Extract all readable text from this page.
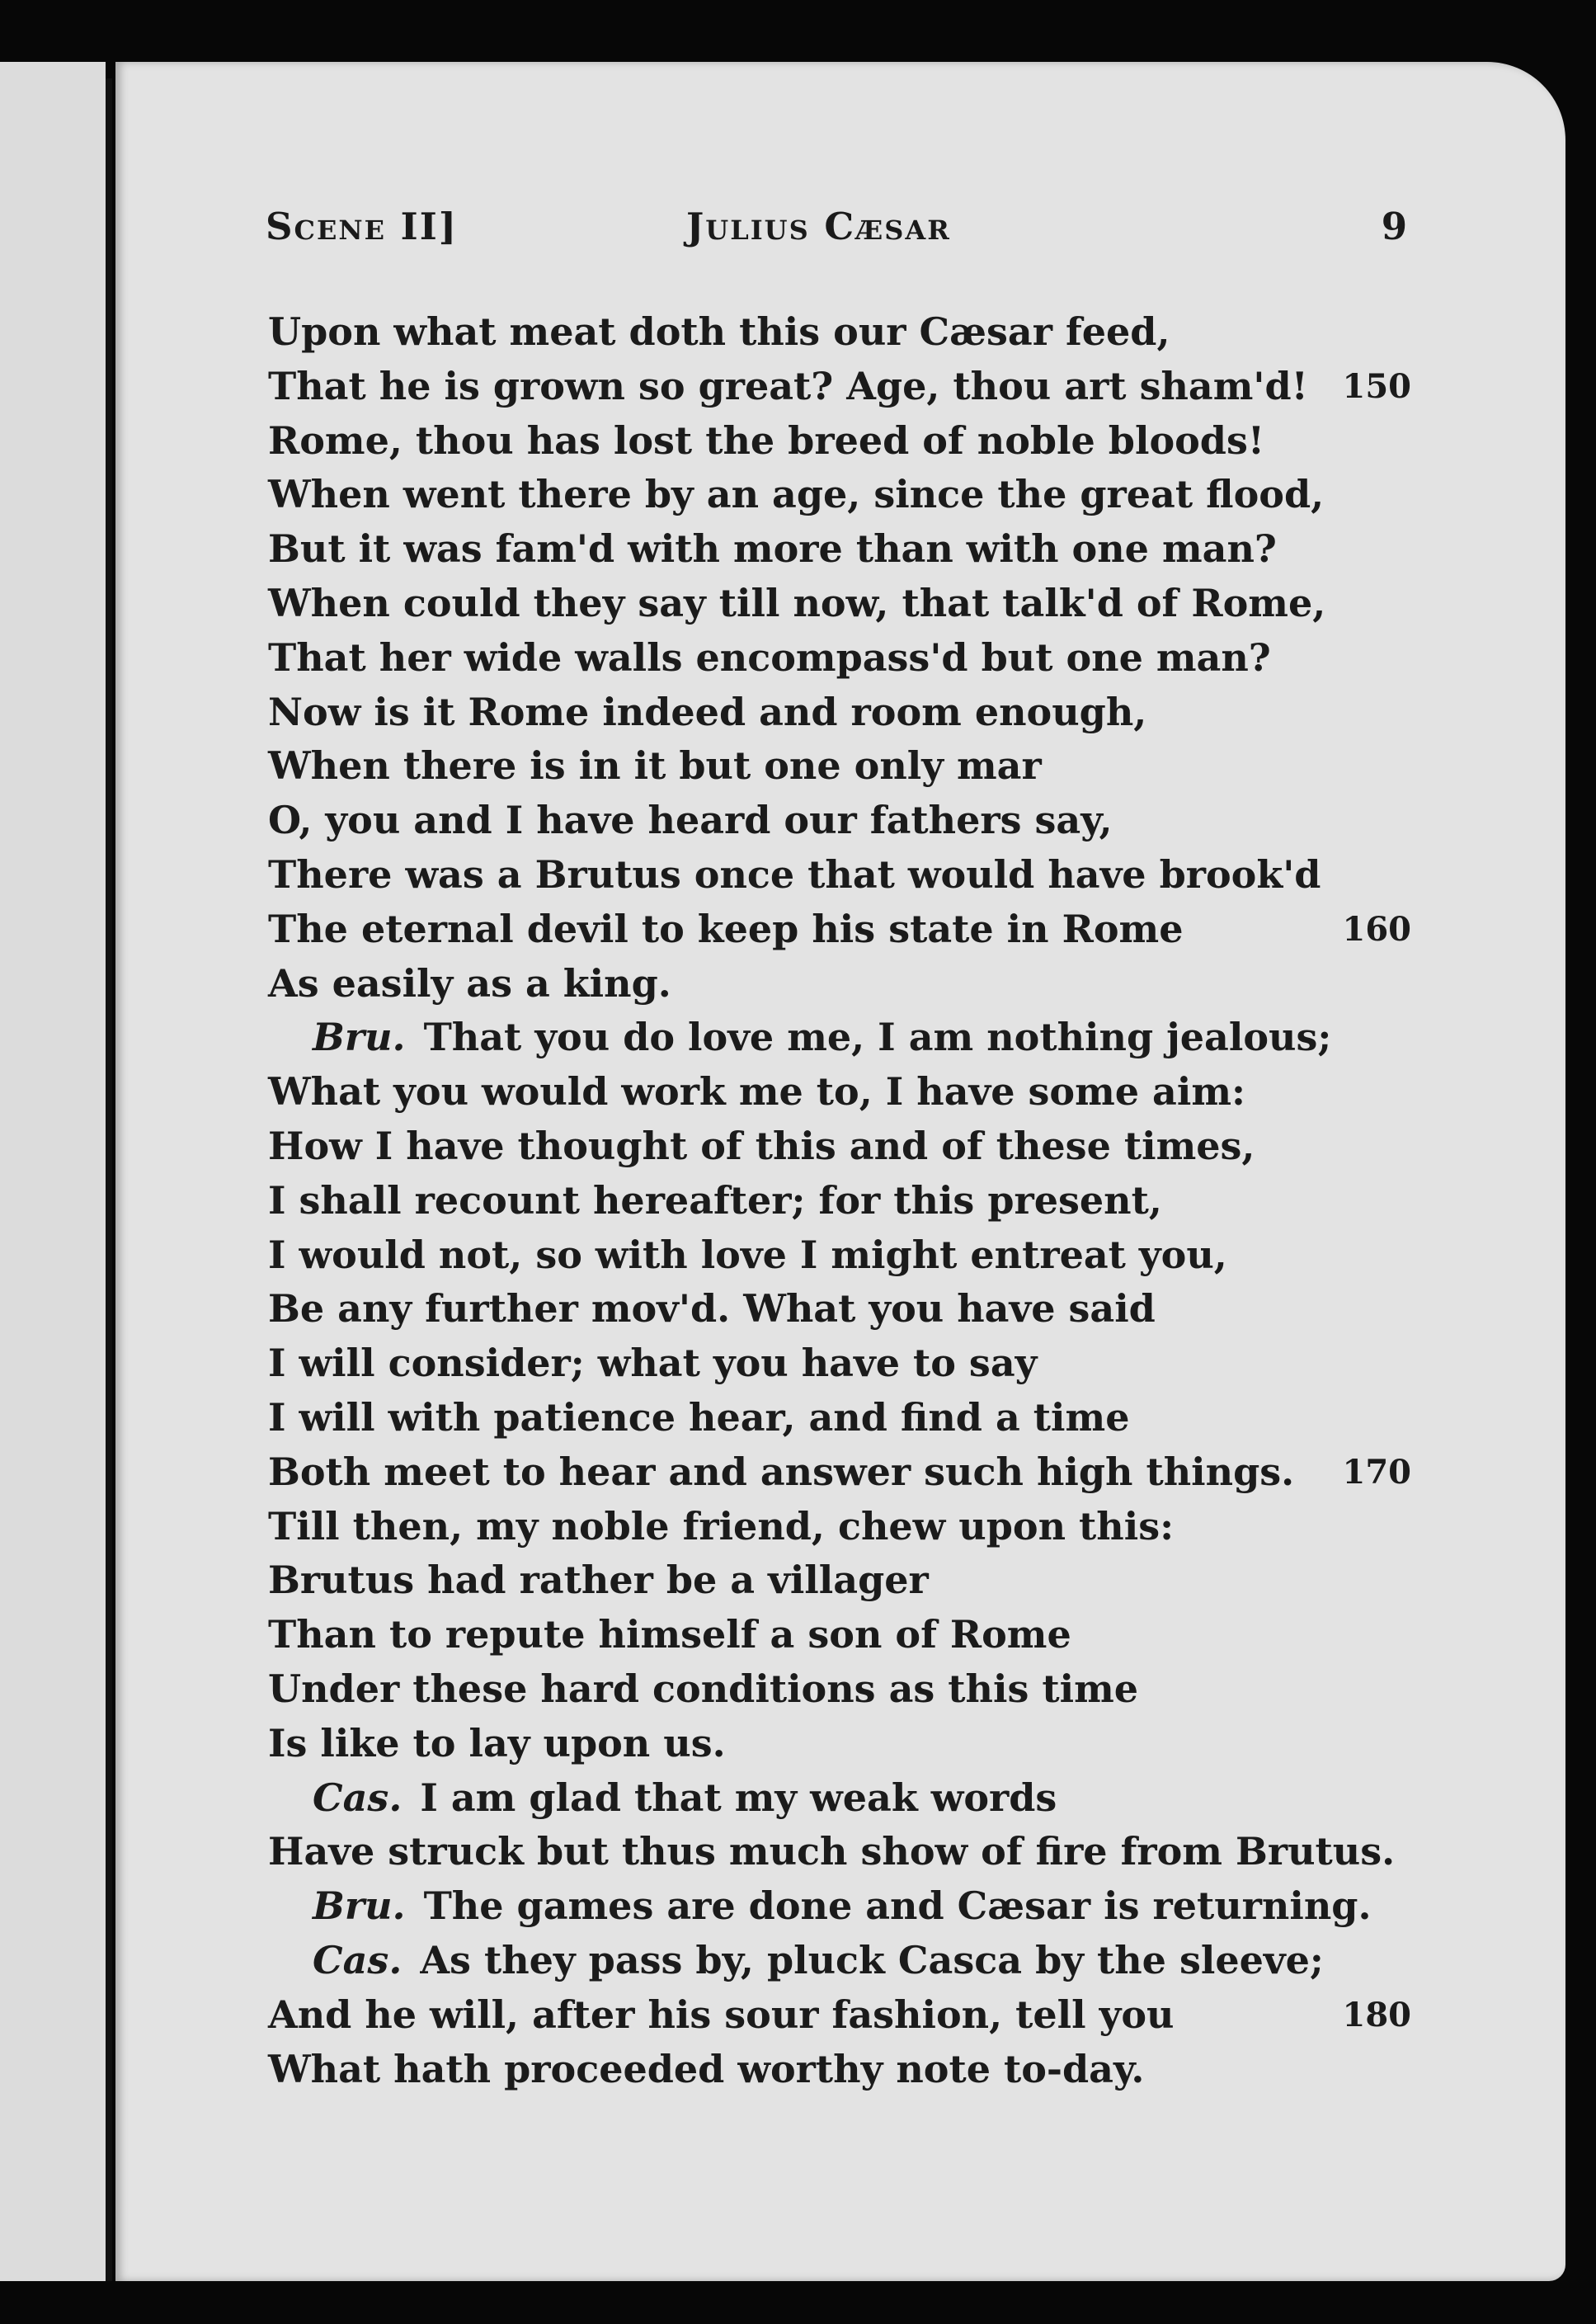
Scene II]	Julius Cæsar	9
Upon what meat doth this our Cæsar feed,
That he is grown so great? Age, thou art sham'd! 150
Rome, thou has lost the breed of noble bloods!
When went there by an age, since the great flood,
But it was fam'd with more than with one man?
When could they say till now, that talk'd of Rome,
That her wide walls encompass'd but one man?
Now is it Rome indeed and room enough,
When there is in it but one only mar
O, you and I have heard our fathers say,
There was a Brutus once that would have brook'd
The eternal devil to keep his state in Rome	160
As easily as a king.
Bru. That you do love me, I am nothing jealous;
What you would work me to, I have some aim:
How I have thought of this and of these times,
I shall recount hereafter; for this present,
I would not, so with love I might entreat you,
Be any further mov'd. What you have said
I will consider; what you have to say
I will with patience hear, and find a time
Both meet to hear and answer such high things. 170
Till then, my noble friend, chew upon this:
Brutus had rather be a villager
Than to repute himself a son of Rome
Under these hard conditions as this time
Is like to lay upon us.
Cas. I am glad that my weak words
Have struck but thus much show of fire from Brutus.
Bru. The games are done and Cæsar is returning.
Cas. As they pass by, pluck Casca by the sleeve;
And he will, after his sour fashion, tell you	180
What hath proceeded worthy note to-day.
